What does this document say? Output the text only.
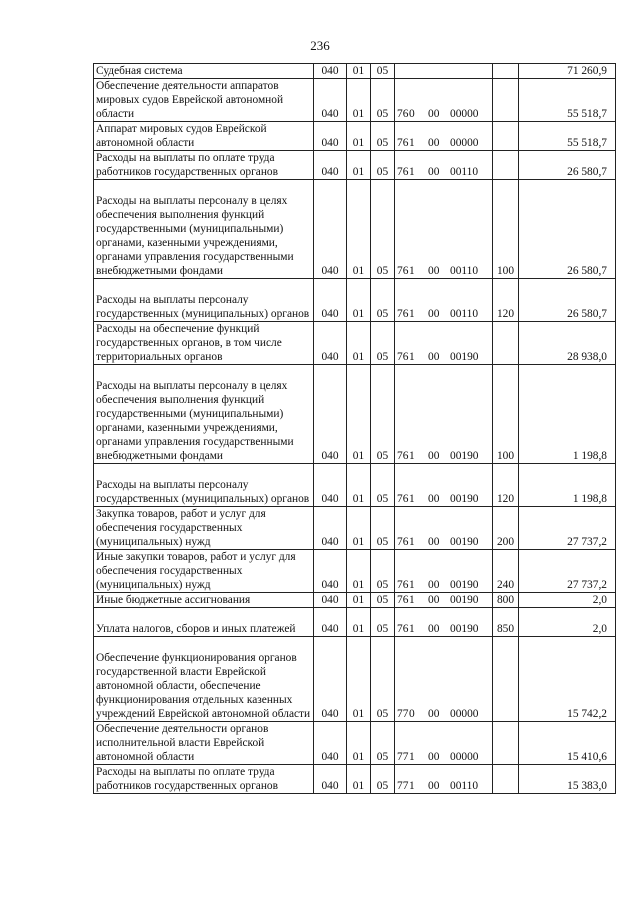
236
Судебная система	040	01	05			71 260,9
Обеспечение деятельности аппаратов мировых судов Еврейской автономной области	040	01	05	760 00 00000		55 518,7
Аппарат мировых судов Еврейской автономной области	040	01	05	761 00 00000		55 518,7
Расходы на выплаты по оплате труда работников государственных органов	040	01	05	761 00 00110		26 580,7
Расходы на выплаты персоналу в целях обеспечения выполнения функций государственными (муниципальными) органами, казенными учреждениями, органами управления государственными внебюджетными фондами	040	01	05	761 00 00110	100	26 580,7
Расходы на выплаты персоналу государственных (муниципальных) органов	040	01	05	761 00 00110	120	26 580,7
Расходы на обеспечение функций государственных органов, в том числе территориальных органов	040	01	05	761 00 00190		28 938,0
Расходы на выплаты персоналу в целях обеспечения выполнения функций государственными (муниципальными) органами, казенными учреждениями, органами управления государственными внебюджетными фондами	040	01	05	761 00 00190	100	1 198,8
Расходы на выплаты персоналу государственных (муниципальных) органов	040	01	05	761 00 00190	120	1 198,8
Закупка товаров, работ и услуг для обеспечения государственных (муниципальных) нужд	040	01	05	761 00 00190	200	27 737,2
Иные закупки товаров, работ и услуг для обеспечения государственных (муниципальных) нужд	040	01	05	761 00 00190	240	27 737,2
Иные бюджетные ассигнования	040	01	05	761 00 00190	800	2,0
Уплата налогов, сборов и иных платежей	040	01	05	761 00 00190	850	2,0
Обеспечение функционирования органов государственной власти Еврейской автономной области, обеспечение функционирования отдельных казенных учреждений Еврейской автономной области	040	01	05	770 00 00000		15 742,2
Обеспечение деятельности органов исполнительной власти Еврейской автономной области	040	01	05	771 00 00000		15 410,6
Расходы на выплаты по оплате труда работников государственных органов	040	01	05	771 00 00110		15 383,0
